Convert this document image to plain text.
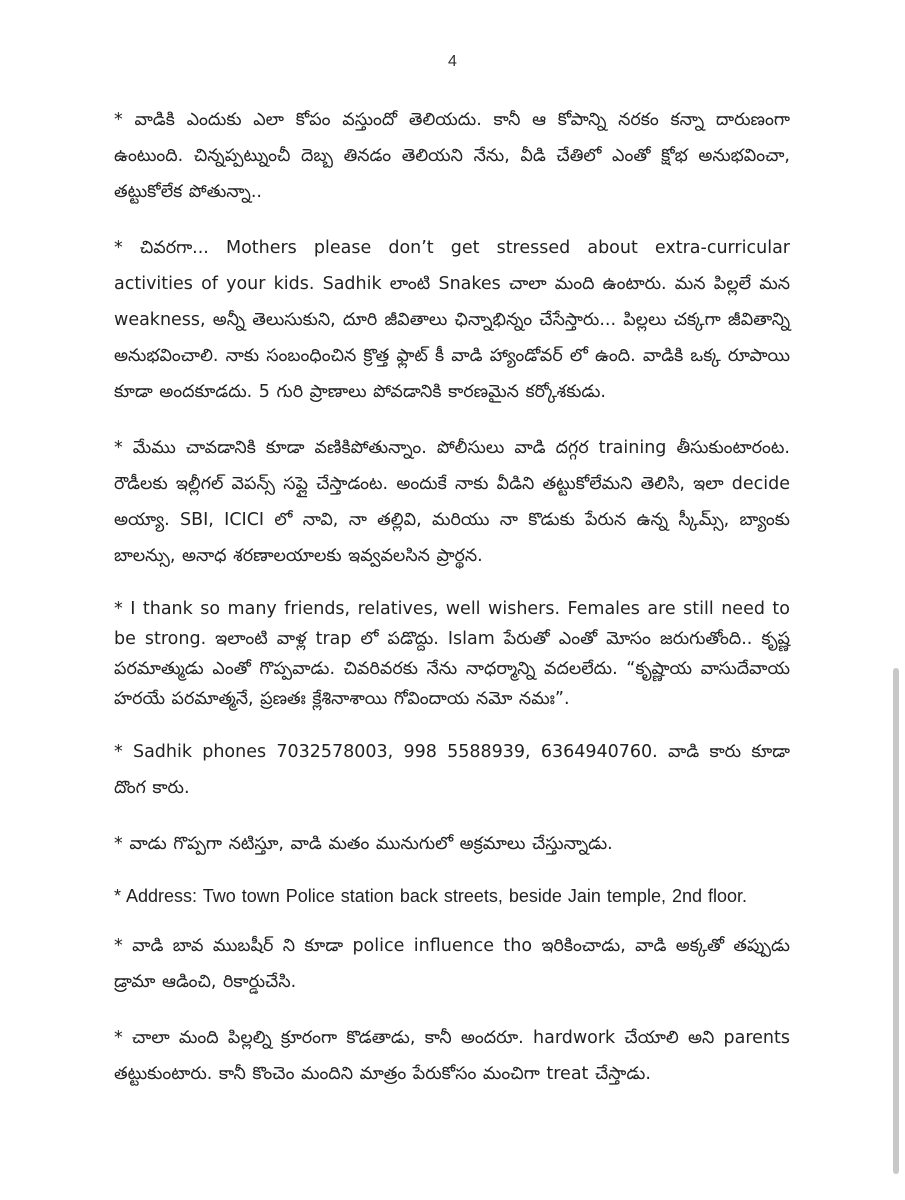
4

* వాడికి ఎందుకు ఎలా కోపం వస్తుందో తెలియదు. కానీ ఆ కోపాన్ని నరకం కన్నా దారుణంగా ఉంటుంది. చిన్నప్పట్నుంచీ దెబ్బ తినడం తెలియని నేను, వీడి చేతిలో ఎంతో క్షోభ అనుభవించా, తట్టుకోలేక పోతున్నా..

* చివరగా... Mothers please don’t get stressed about extra-curricular activities of your kids. Sadhik లాంటి Snakes చాలా మంది ఉంటారు. మన పిల్లలే మన weakness, అన్నీ తెలుసుకుని, దూరి జీవితాలు ఛిన్నాభిన్నం చేసేస్తారు... పిల్లలు చక్కగా జీవితాన్ని అనుభవించాలి. నాకు సంబంధించిన క్రొత్త ఫ్లాట్ కీ వాడి హ్యాండోవర్ లో ఉంది. వాడికి ఒక్క రూపాయి కూడా అందకూడదు. 5 గురి ప్రాణాలు పోవడానికి కారణమైన కర్కోశకుడు.

* మేము చావడానికి కూడా వణికిపోతున్నాం. పోలీసులు వాడి దగ్గర training తీసుకుంటారంట. రౌడీలకు ఇల్లీగల్ వెపన్స్ సప్లై చేస్తాడంట. అందుకే నాకు వీడిని తట్టుకోలేమని తెలిసి, ఇలా decide అయ్యా. SBI, ICICI లో నావి, నా తల్లివి, మరియు నా కొడుకు పేరున ఉన్న స్కీమ్స్, బ్యాంకు బాలన్సు, అనాధ శరణాలయాలకు ఇవ్వవలసిన ప్రార్థన.

* I thank so many friends, relatives, well wishers. Females are still need to be strong. ఇలాంటి వాళ్ల trap లో పడొద్దు. Islam పేరుతో ఎంతో మోసం జరుగుతోంది.. కృష్ణ పరమాత్ముడు ఎంతో గొప్పవాడు. చివరివరకు నేను నాధర్మాన్ని వదలలేదు. “కృష్ణాయ వాసుదేవాయ హరయే పరమాత్మనే, ప్రణతః క్లేశినాశాయి గోవిందాయ నమో నమః”.

* Sadhik phones 7032578003, 998 5588939, 6364940760. వాడి కారు కూడా దొంగ కారు.

* వాడు గొప్పగా నటిస్తూ, వాడి మతం మునుగులో అక్రమాలు చేస్తున్నాడు.

* Address: Two town Police station back streets, beside Jain temple, 2nd floor.

* వాడి బావ ముబషీర్ ని కూడా police influence tho ఇరికించాడు, వాడి అక్కతో తప్పుడు డ్రామా ఆడించి, రికార్డుచేసి.

* చాలా మంది పిల్లల్ని క్రూరంగా కొడతాడు, కానీ అందరూ. hardwork చేయాలి అని parents తట్టుకుంటారు. కానీ కొంచెం మందిని మాత్రం పేరుకోసం మంచిగా treat చేస్తాడు.
